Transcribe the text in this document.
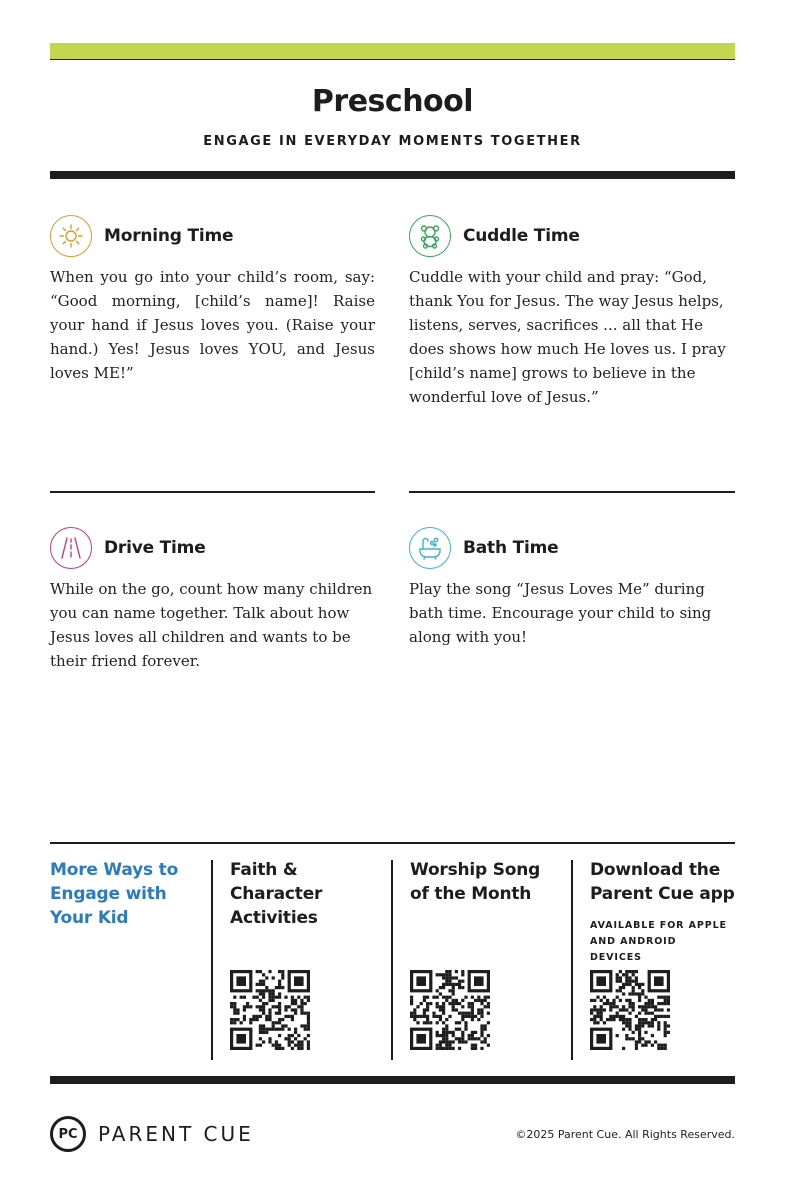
Preschool
ENGAGE IN EVERYDAY MOMENTS TOGETHER
Morning Time
When you go into your child’s room, say: “Good morning, [child’s name]! Raise your hand if Jesus loves you. (Raise your hand.) Yes! Jesus loves YOU, and Jesus loves ME!”
Cuddle Time
Cuddle with your child and pray: “God, thank You for Jesus. The way Jesus helps, listens, serves, sacrifices ... all that He does shows how much He loves us. I pray [child’s name] grows to believe in the wonderful love of Jesus.”
Drive Time
While on the go, count how many children you can name together. Talk about how Jesus loves all children and wants to be their friend forever.
Bath Time
Play the song “Jesus Loves Me” during bath time. Encourage your child to sing along with you!
More Ways to Engage with Your Kid
Faith & Character Activities
Worship Song of the Month
Download the Parent Cue app
AVAILABLE FOR APPLE AND ANDROID DEVICES
PC	PARENT CUE	©2025 Parent Cue. All Rights Reserved.
